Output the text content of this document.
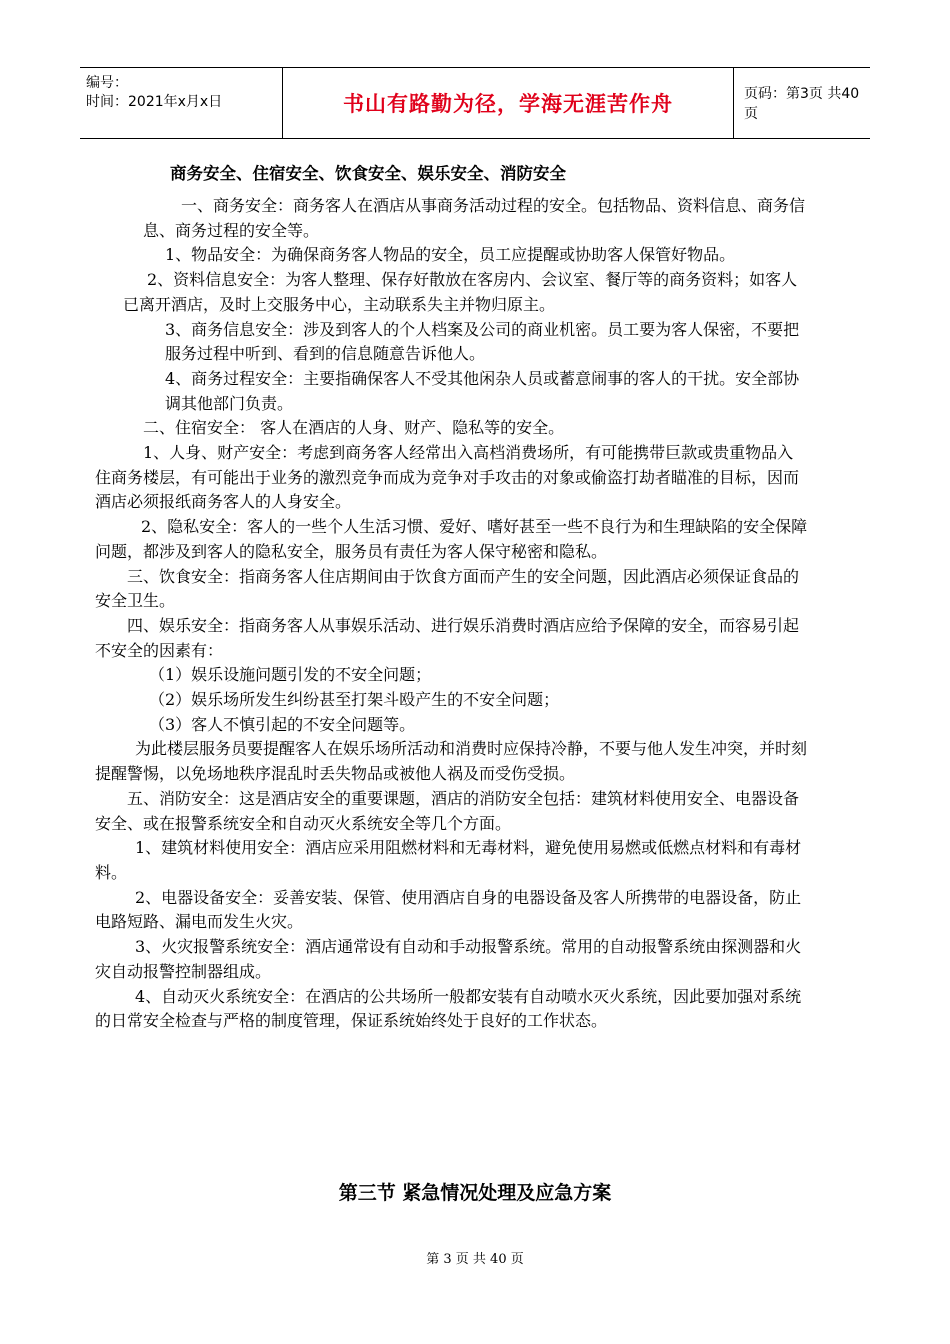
编号：
时间：2021年x月x日	书山有路勤为径，学海无涯苦作舟	页码：第3页 共40页
商务安全、住宿安全、饮食安全、娱乐安全、消防安全

一、商务安全：商务客人在酒店从事商务活动过程的安全。包括物品、资料信息、商务信息、商务过程的安全等。

1、物品安全：为确保商务客人物品的安全，员工应提醒或协助客人保管好物品。

2、资料信息安全：为客人整理、保存好散放在客房内、会议室、餐厅等的商务资料；如客人已离开酒店，及时上交服务中心，主动联系失主并物归原主。

3、商务信息安全：涉及到客人的个人档案及公司的商业机密。员工要为客人保密，不要把服务过程中听到、看到的信息随意告诉他人。

4、商务过程安全：主要指确保客人不受其他闲杂人员或蓄意闹事的客人的干扰。安全部协调其他部门负责。

二、住宿安全： 客人在酒店的人身、财产、隐私等的安全。

1、人身、财产安全：考虑到商务客人经常出入高档消费场所，有可能携带巨款或贵重物品入住商务楼层，有可能出于业务的激烈竞争而成为竞争对手攻击的对象或偷盗打劫者瞄准的目标，因而酒店必须报纸商务客人的人身安全。

2、隐私安全：客人的一些个人生活习惯、爱好、嗜好甚至一些不良行为和生理缺陷的安全保障问题，都涉及到客人的隐私安全，服务员有责任为客人保守秘密和隐私。

三、饮食安全：指商务客人住店期间由于饮食方面而产生的安全问题，因此酒店必须保证食品的安全卫生。

四、娱乐安全：指商务客人从事娱乐活动、进行娱乐消费时酒店应给予保障的安全，而容易引起不安全的因素有：

（1）娱乐设施问题引发的不安全问题；

（2）娱乐场所发生纠纷甚至打架斗殴产生的不安全问题；

（3）客人不慎引起的不安全问题等。

为此楼层服务员要提醒客人在娱乐场所活动和消费时应保持冷静，不要与他人发生冲突，并时刻提醒警惕，以免场地秩序混乱时丢失物品或被他人祸及而受伤受损。

五、消防安全：这是酒店安全的重要课题，酒店的消防安全包括：建筑材料使用安全、电器设备安全、或在报警系统安全和自动灭火系统安全等几个方面。

1、建筑材料使用安全：酒店应采用阻燃材料和无毒材料，避免使用易燃或低燃点材料和有毒材料。

2、电器设备安全：妥善安装、保管、使用酒店自身的电器设备及客人所携带的电器设备，防止电路短路、漏电而发生火灾。

3、火灾报警系统安全：酒店通常设有自动和手动报警系统。常用的自动报警系统由探测器和火灾自动报警控制器组成。

4、自动灭火系统安全：在酒店的公共场所一般都安装有自动喷水灭火系统，因此要加强对系统的日常安全检查与严格的制度管理，保证系统始终处于良好的工作状态。

第三节 紧急情况处理及应急方案
第 3 页 共 40 页
